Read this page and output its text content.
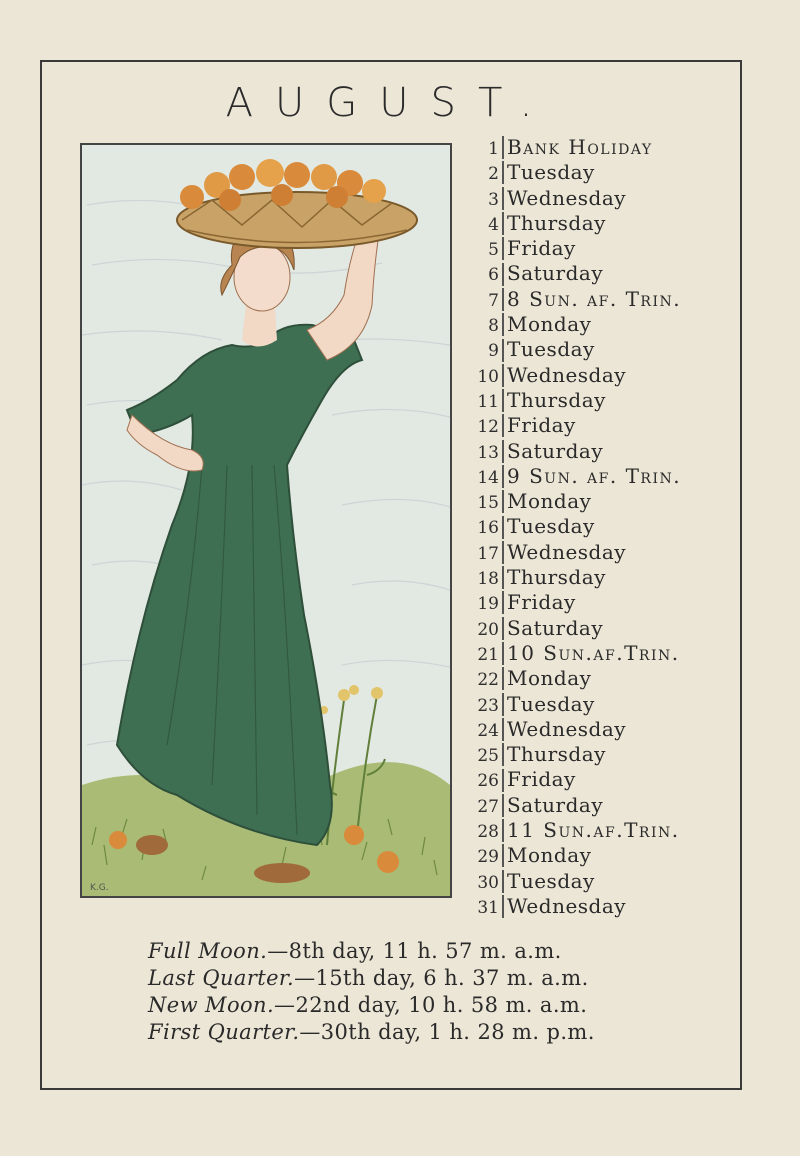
AUGUST.
K.G.
1 Bank Holiday
2 Tuesday
3 Wednesday
4 Thursday
5 Friday
6 Saturday
7 8 Sun. af. Trin.
8 Monday
9 Tuesday
10 Wednesday
11 Thursday
12 Friday
13 Saturday
14 9 Sun. af. Trin.
15 Monday
16 Tuesday
17 Wednesday
18 Thursday
19 Friday
20 Saturday
21 10 Sun.af.Trin.
22 Monday
23 Tuesday
24 Wednesday
25 Thursday
26 Friday
27 Saturday
28 11 Sun.af.Trin.
29 Monday
30 Tuesday
31 Wednesday
Full Moon.—8th day, 11 h. 57 m. a.m.
Last Quarter.—15th day, 6 h. 37 m. a.m.
New Moon.—22nd day, 10 h. 58 m. a.m.
First Quarter.—30th day, 1 h. 28 m. p.m.
